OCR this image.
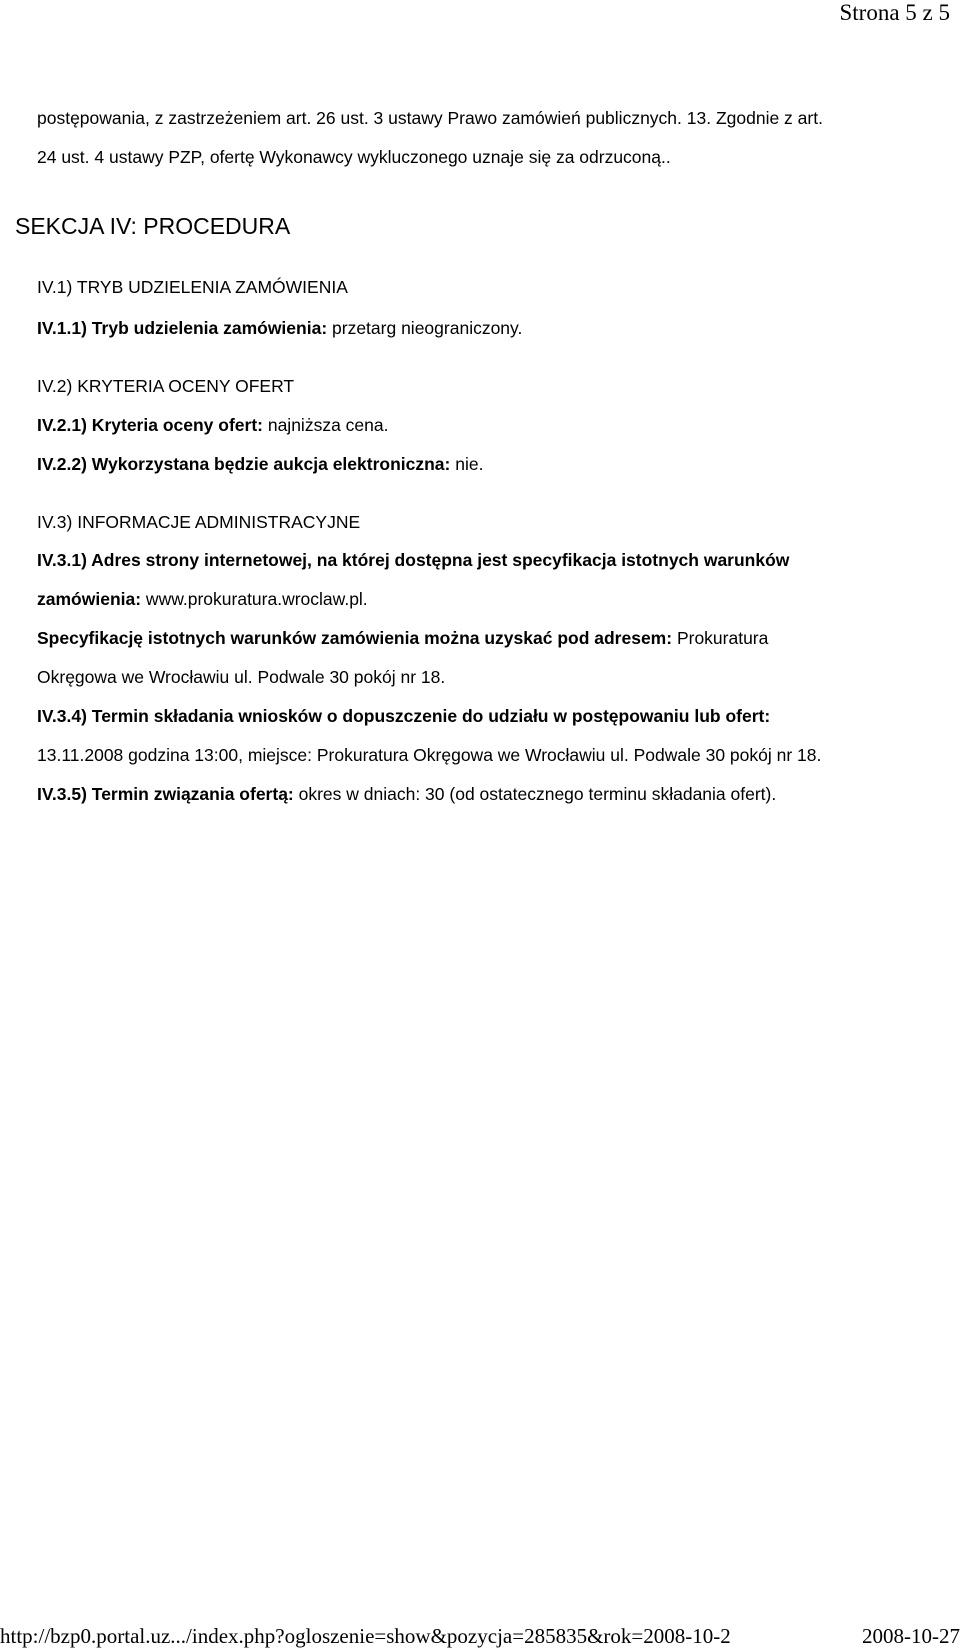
Strona 5 z 5
postępowania, z zastrzeżeniem art. 26 ust. 3 ustawy Prawo zamówień publicznych. 13. Zgodnie z art.
24 ust. 4 ustawy PZP, ofertę Wykonawcy wykluczonego uznaje się za odrzuconą..
SEKCJA IV: PROCEDURA
IV.1) TRYB UDZIELENIA ZAMÓWIENIA
IV.1.1) Tryb udzielenia zamówienia: przetarg nieograniczony.
IV.2) KRYTERIA OCENY OFERT
IV.2.1) Kryteria oceny ofert: najniższa cena.
IV.2.2) Wykorzystana będzie aukcja elektroniczna: nie.
IV.3) INFORMACJE ADMINISTRACYJNE
IV.3.1) Adres strony internetowej, na której dostępna jest specyfikacja istotnych warunków
zamówienia: www.prokuratura.wroclaw.pl.
Specyfikację istotnych warunków zamówienia można uzyskać pod adresem: Prokuratura
Okręgowa we Wrocławiu ul. Podwale 30 pokój nr 18.
IV.3.4) Termin składania wniosków o dopuszczenie do udziału w postępowaniu lub ofert:
13.11.2008 godzina 13:00, miejsce: Prokuratura Okręgowa we Wrocławiu ul. Podwale 30 pokój nr 18.
IV.3.5) Termin związania ofertą: okres w dniach: 30 (od ostatecznego terminu składania ofert).
http://bzp0.portal.uz.../index.php?ogloszenie=show&pozycja=285835&rok=2008-10-2	2008-10-27
